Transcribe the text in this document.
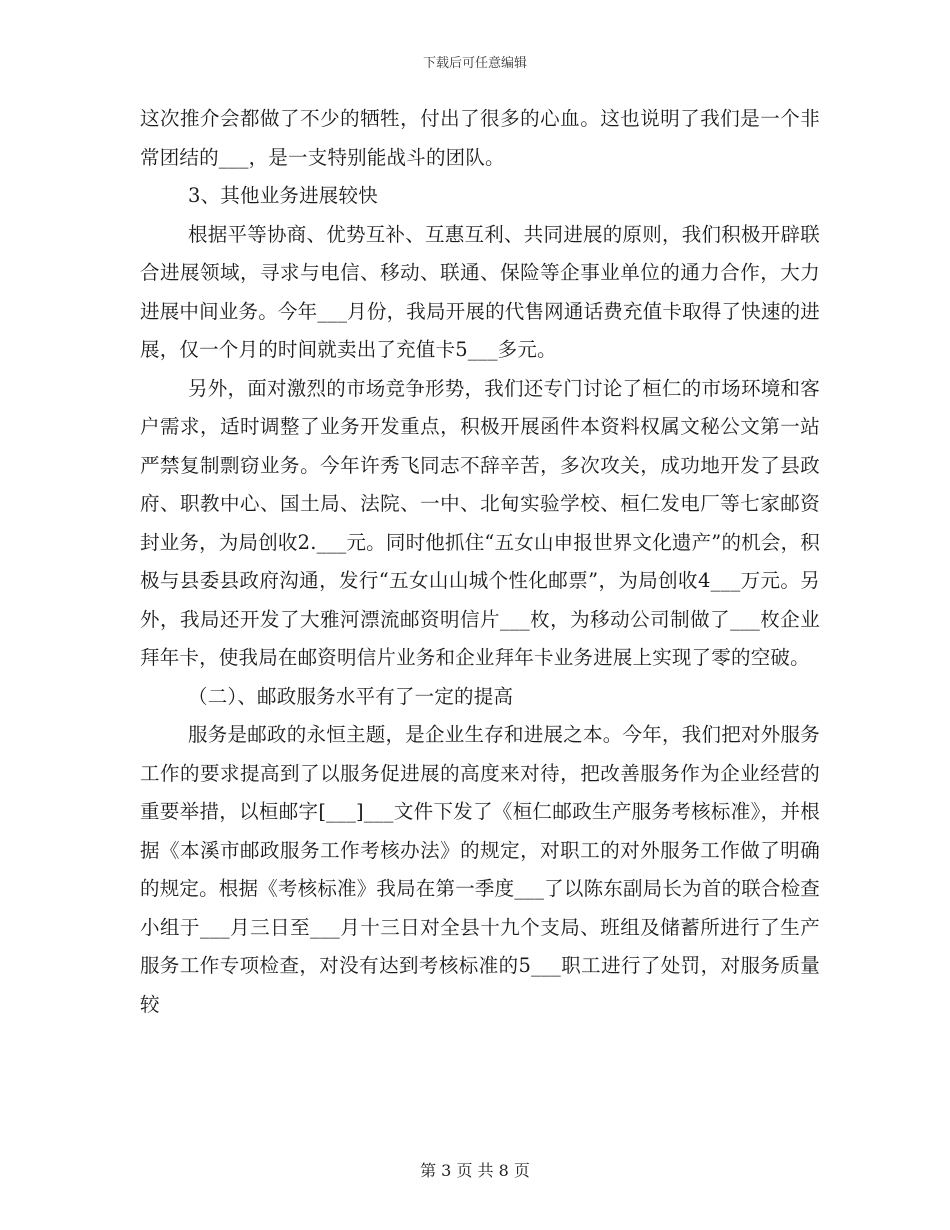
下载后可任意编辑

这次推介会都做了不少的牺牲，付出了很多的心血。这也说明了我们是一个非常团结的___，是一支特别能战斗的团队。

3、其他业务进展较快

根据平等协商、优势互补、互惠互利、共同进展的原则，我们积极开辟联合进展领域，寻求与电信、移动、联通、保险等企事业单位的通力合作，大力进展中间业务。今年___月份，我局开展的代售网通话费充值卡取得了快速的进展，仅一个月的时间就卖出了充值卡5___多元。

另外，面对激烈的市场竞争形势，我们还专门讨论了桓仁的市场环境和客户需求，适时调整了业务开发重点，积极开展函件本资料权属文秘公文第一站严禁复制剽窃业务。今年许秀飞同志不辞辛苦，多次攻关，成功地开发了县政府、职教中心、国土局、法院、一中、北甸实验学校、桓仁发电厂等七家邮资封业务，为局创收2.___元。同时他抓住“五女山申报世界文化遗产”的机会，积极与县委县政府沟通，发行“五女山山城个性化邮票”，为局创收4___万元。另外，我局还开发了大雅河漂流邮资明信片___枚，为移动公司制做了___枚企业拜年卡，使我局在邮资明信片业务和企业拜年卡业务进展上实现了零的空破。

（二）、邮政服务水平有了一定的提高

服务是邮政的永恒主题，是企业生存和进展之本。今年，我们把对外服务工作的要求提高到了以服务促进展的高度来对待，把改善服务作为企业经营的重要举措，以桓邮字[___]___文件下发了《桓仁邮政生产服务考核标准》，并根据《本溪市邮政服务工作考核办法》的规定，对职工的对外服务工作做了明确的规定。根据《考核标准》我局在第一季度___了以陈东副局长为首的联合检查小组于___月三日至___月十三日对全县十九个支局、班组及储蓄所进行了生产服务工作专项检查，对没有达到考核标准的5___职工进行了处罚，对服务质量较

第 3 页 共 8 页
